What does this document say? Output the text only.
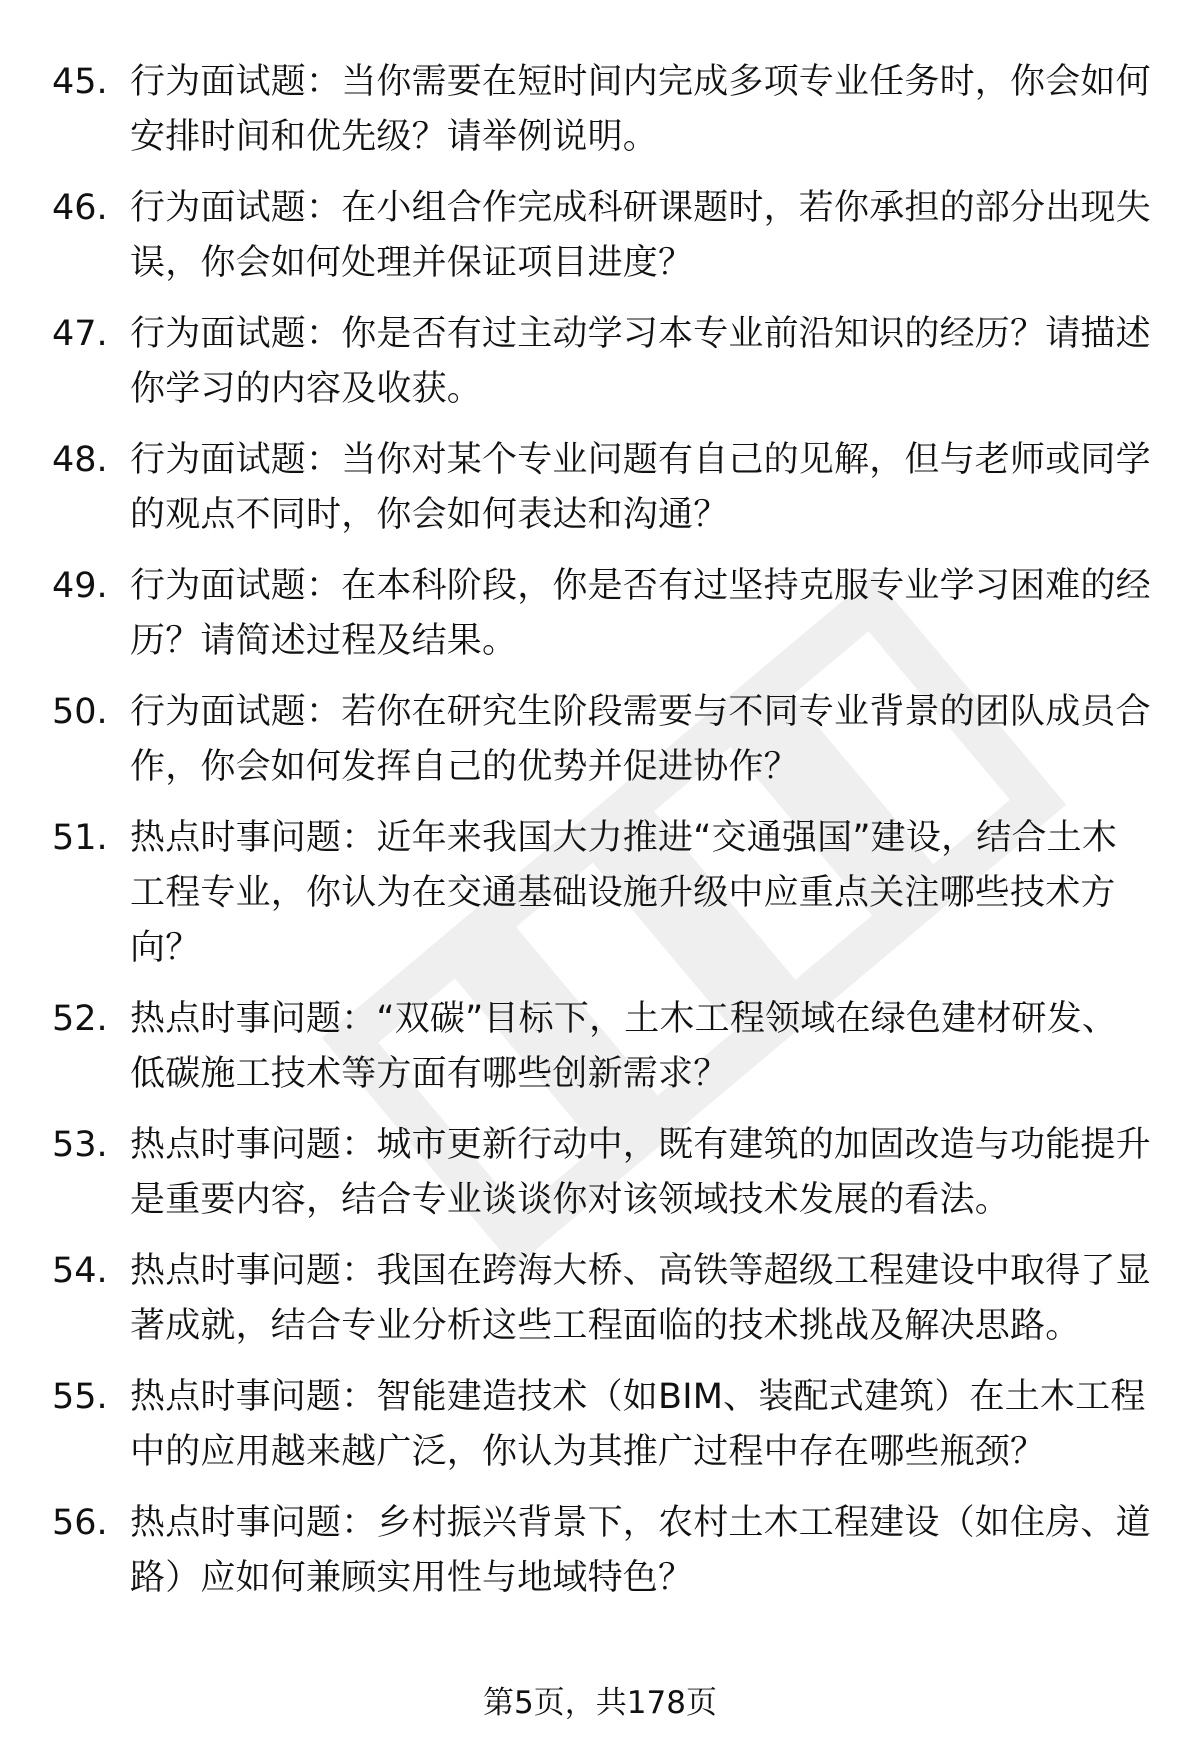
45. 行为面试题：当你需要在短时间内完成多项专业任务时，你会如何安排时间和优先级？请举例说明。
46. 行为面试题：在小组合作完成科研课题时，若你承担的部分出现失误，你会如何处理并保证项目进度？
47. 行为面试题：你是否有过主动学习本专业前沿知识的经历？请描述你学习的内容及收获。
48. 行为面试题：当你对某个专业问题有自己的见解，但与老师或同学的观点不同时，你会如何表达和沟通？
49. 行为面试题：在本科阶段，你是否有过坚持克服专业学习困难的经历？请简述过程及结果。
50. 行为面试题：若你在研究生阶段需要与不同专业背景的团队成员合作，你会如何发挥自己的优势并促进协作？
51. 热点时事问题：近年来我国大力推进“交通强国”建设，结合土木工程专业，你认为在交通基础设施升级中应重点关注哪些技术方向？
52. 热点时事问题：“双碳”目标下，土木工程领域在绿色建材研发、低碳施工技术等方面有哪些创新需求？
53. 热点时事问题：城市更新行动中，既有建筑的加固改造与功能提升是重要内容，结合专业谈谈你对该领域技术发展的看法。
54. 热点时事问题：我国在跨海大桥、高铁等超级工程建设中取得了显著成就，结合专业分析这些工程面临的技术挑战及解决思路。
55. 热点时事问题：智能建造技术（如BIM、装配式建筑）在土木工程中的应用越来越广泛，你认为其推广过程中存在哪些瓶颈？
56. 热点时事问题：乡村振兴背景下，农村土木工程建设（如住房、道路）应如何兼顾实用性与地域特色？
第5页，共178页
